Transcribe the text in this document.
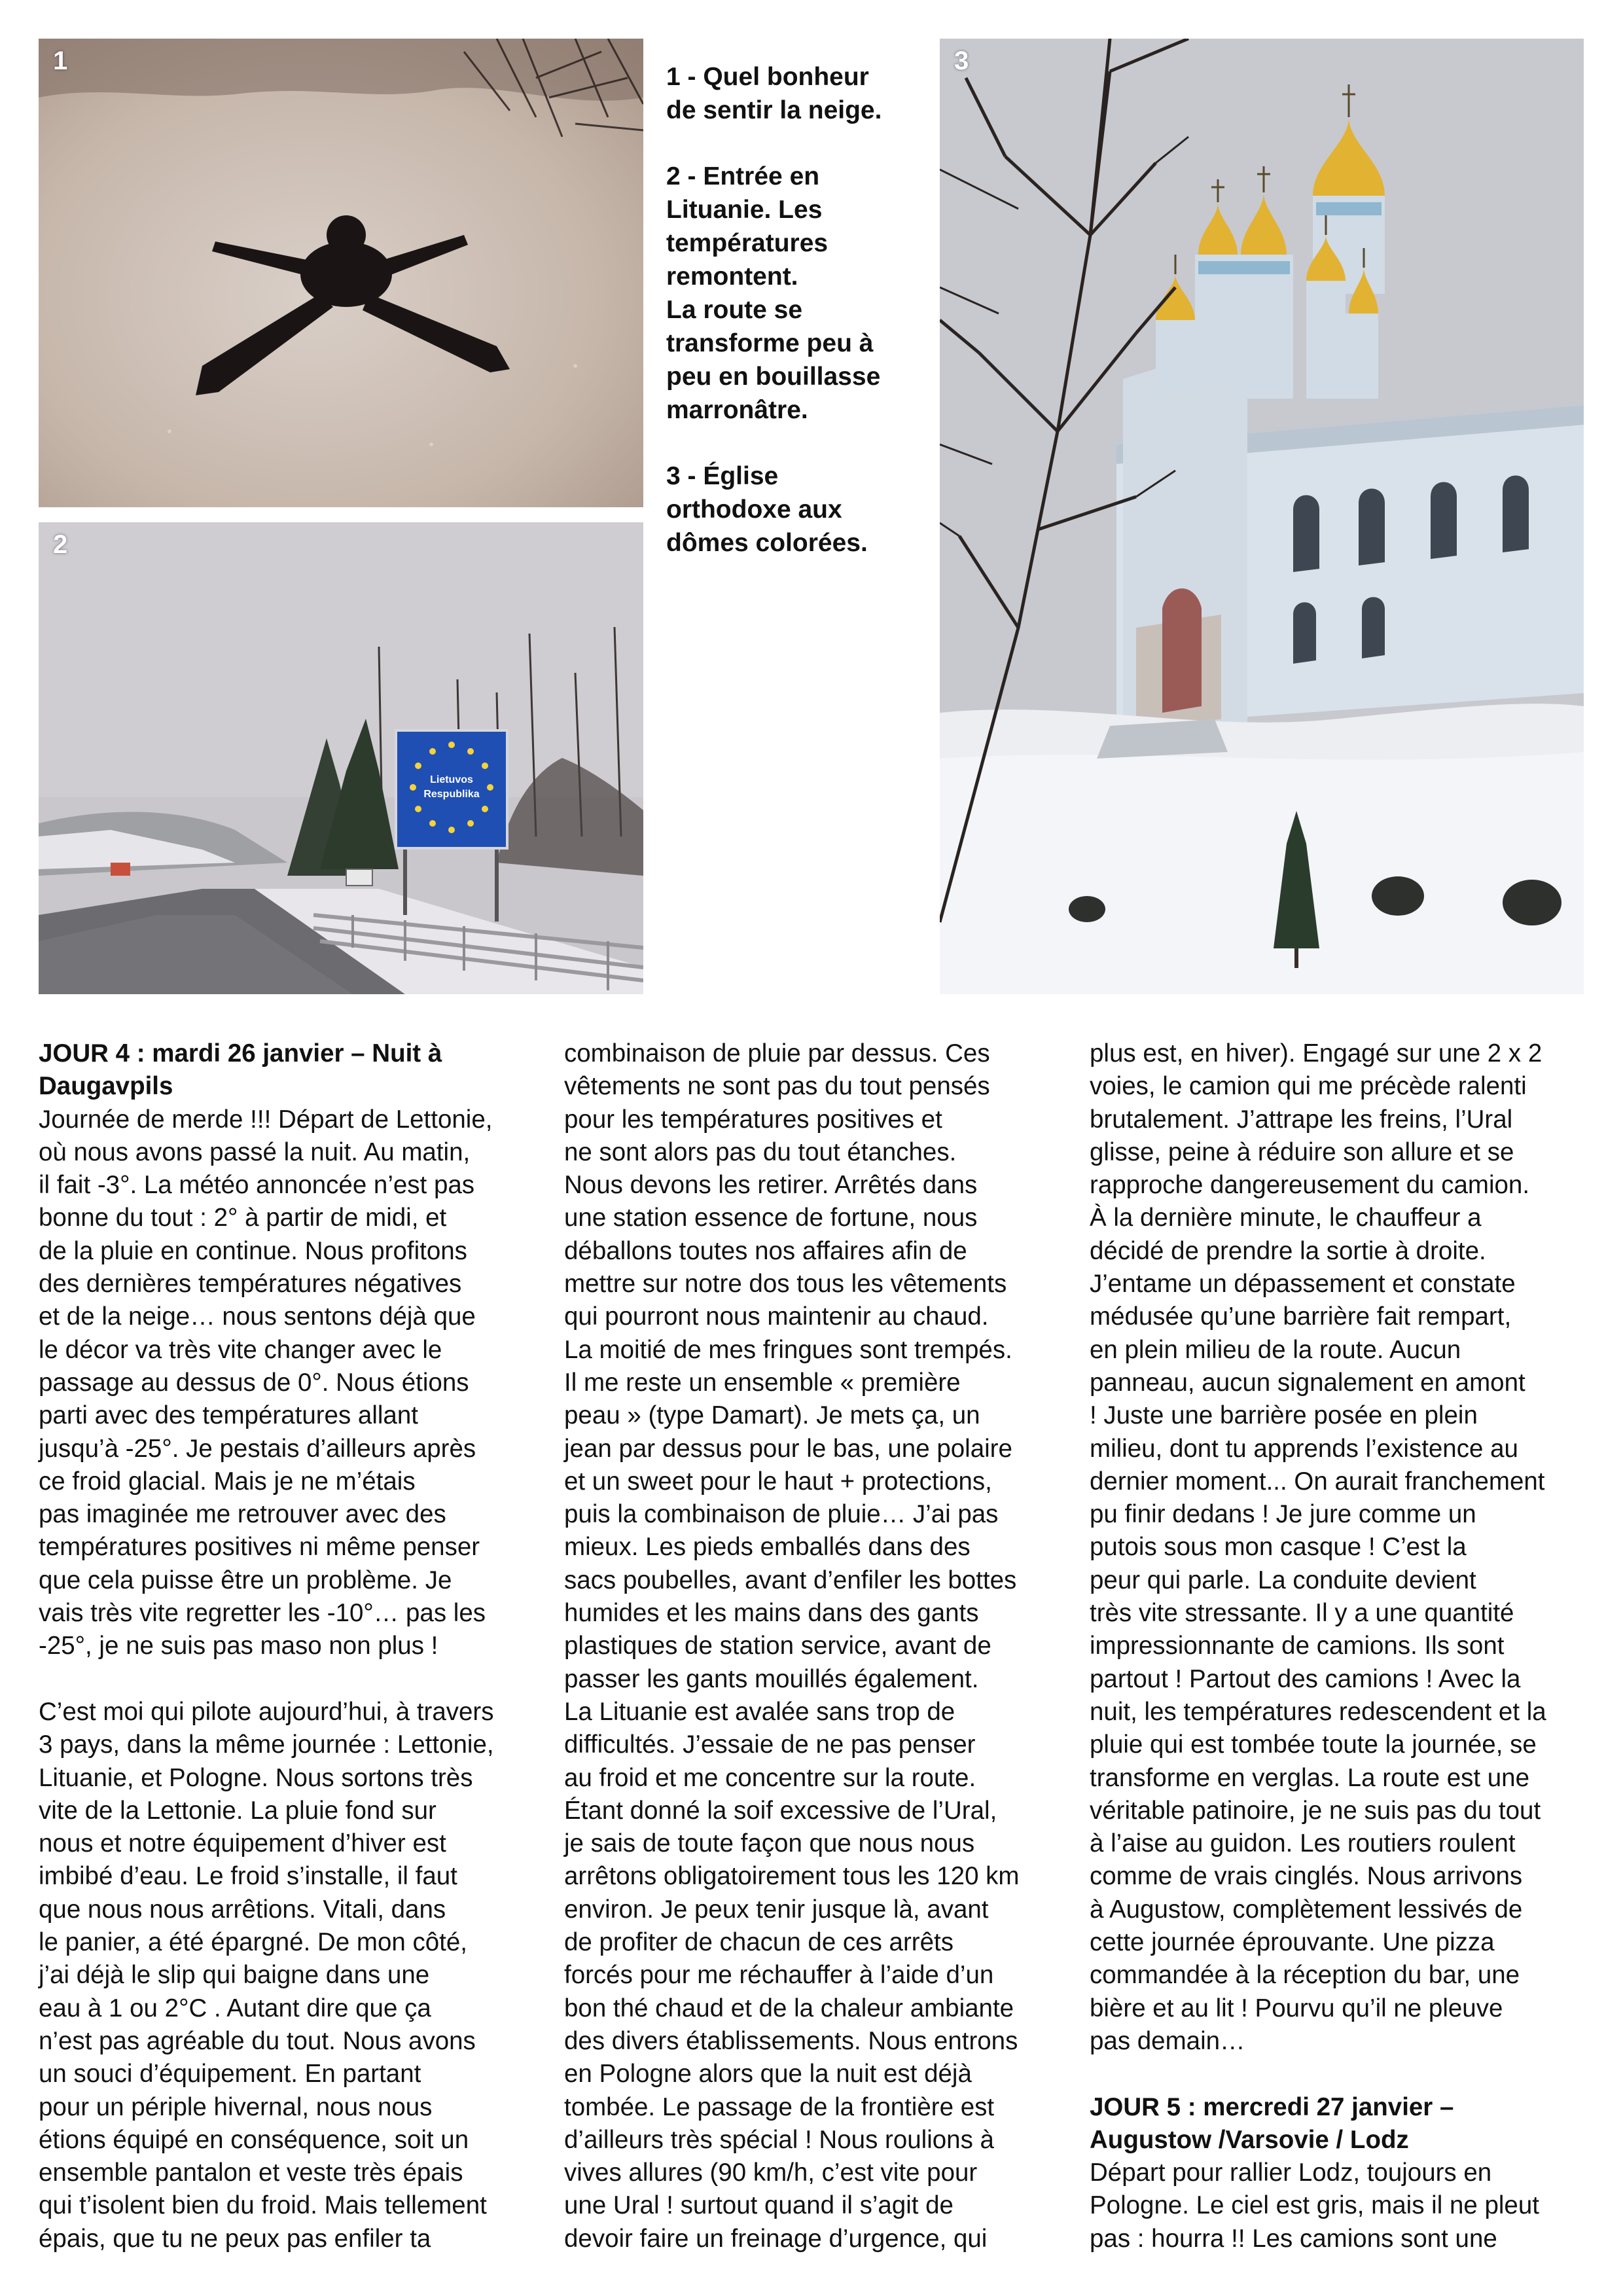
1
2
Lietuvos
Respublika
3

1 - Quel bonheur
de sentir la neige.

2 - Entrée en
Lituanie. Les
températures
remontent.
La route se
transforme peu à
peu en bouillasse
marronâtre.

3 - Église
orthodoxe aux
dômes colorées.

JOUR 4 : mardi 26 janvier – Nuit à
Daugavpils
Journée de merde !!! Départ de Lettonie,
où nous avons passé la nuit. Au matin,
il fait -3°. La météo annoncée n’est pas
bonne du tout : 2° à partir de midi, et
de la pluie en continue. Nous profitons
des dernières températures négatives
et de la neige… nous sentons déjà que
le décor va très vite changer avec le
passage au dessus de 0°. Nous étions
parti avec des températures allant
jusqu’à -25°. Je pestais d’ailleurs après
ce froid glacial. Mais je ne m’étais
pas imaginée me retrouver avec des
températures positives ni même penser
que cela puisse être un problème. Je
vais très vite regretter les -10°… pas les
-25°, je ne suis pas maso non plus !
C’est moi qui pilote aujourd’hui, à travers
3 pays, dans la même journée : Lettonie,
Lituanie, et Pologne. Nous sortons très
vite de la Lettonie. La pluie fond sur
nous et notre équipement d’hiver est
imbibé d’eau. Le froid s’installe, il faut
que nous nous arrêtions. Vitali, dans
le panier, a été épargné. De mon côté,
j’ai déjà le slip qui baigne dans une
eau à 1 ou 2°C . Autant dire que ça
n’est pas agréable du tout. Nous avons
un souci d’équipement. En partant
pour un périple hivernal, nous nous
étions équipé en conséquence, soit un
ensemble pantalon et veste très épais
qui t’isolent bien du froid. Mais tellement
épais, que tu ne peux pas enfiler ta
combinaison de pluie par dessus. Ces
vêtements ne sont pas du tout pensés
pour les températures positives et
ne sont alors pas du tout étanches.
Nous devons les retirer. Arrêtés dans
une station essence de fortune, nous
déballons toutes nos affaires afin de
mettre sur notre dos tous les vêtements
qui pourront nous maintenir au chaud.
La moitié de mes fringues sont trempés.
Il me reste un ensemble « première
peau » (type Damart). Je mets ça, un
jean par dessus pour le bas, une polaire
et un sweet pour le haut + protections,
puis la combinaison de pluie… J’ai pas
mieux. Les pieds emballés dans des
sacs poubelles, avant d’enfiler les bottes
humides et les mains dans des gants
plastiques de station service, avant de
passer les gants mouillés également.
La Lituanie est avalée sans trop de
difficultés. J’essaie de ne pas penser
au froid et me concentre sur la route.
Étant donné la soif excessive de l’Ural,
je sais de toute façon que nous nous
arrêtons obligatoirement tous les 120 km
environ. Je peux tenir jusque là, avant
de profiter de chacun de ces arrêts
forcés pour me réchauffer à l’aide d’un
bon thé chaud et de la chaleur ambiante
des divers établissements. Nous entrons
en Pologne alors que la nuit est déjà
tombée. Le passage de la frontière est
d’ailleurs très spécial ! Nous roulions à
vives allures (90 km/h, c’est vite pour
une Ural ! surtout quand il s’agit de
devoir faire un freinage d’urgence, qui
plus est, en hiver). Engagé sur une 2 x 2
voies, le camion qui me précède ralenti
brutalement. J’attrape les freins, l’Ural
glisse, peine à réduire son allure et se
rapproche dangereusement du camion.
À la dernière minute, le chauffeur a
décidé de prendre la sortie à droite.
J’entame un dépassement et constate
médusée qu’une barrière fait rempart,
en plein milieu de la route. Aucun
panneau, aucun signalement en amont
! Juste une barrière posée en plein
milieu, dont tu apprends l’existence au
dernier moment... On aurait franchement
pu finir dedans ! Je jure comme un
putois sous mon casque ! C’est la
peur qui parle. La conduite devient
très vite stressante. Il y a une quantité
impressionnante de camions. Ils sont
partout ! Partout des camions ! Avec la
nuit, les températures redescendent et la
pluie qui est tombée toute la journée, se
transforme en verglas. La route est une
véritable patinoire, je ne suis pas du tout
à l’aise au guidon. Les routiers roulent
comme de vrais cinglés. Nous arrivons
à Augustow, complètement lessivés de
cette journée éprouvante. Une pizza
commandée à la réception du bar, une
bière et au lit ! Pourvu qu’il ne pleuve
pas demain…
JOUR 5 : mercredi 27 janvier –
Augustow /Varsovie / Lodz
Départ pour rallier Lodz, toujours en
Pologne. Le ciel est gris, mais il ne pleut
pas : hourra !! Les camions sont une
